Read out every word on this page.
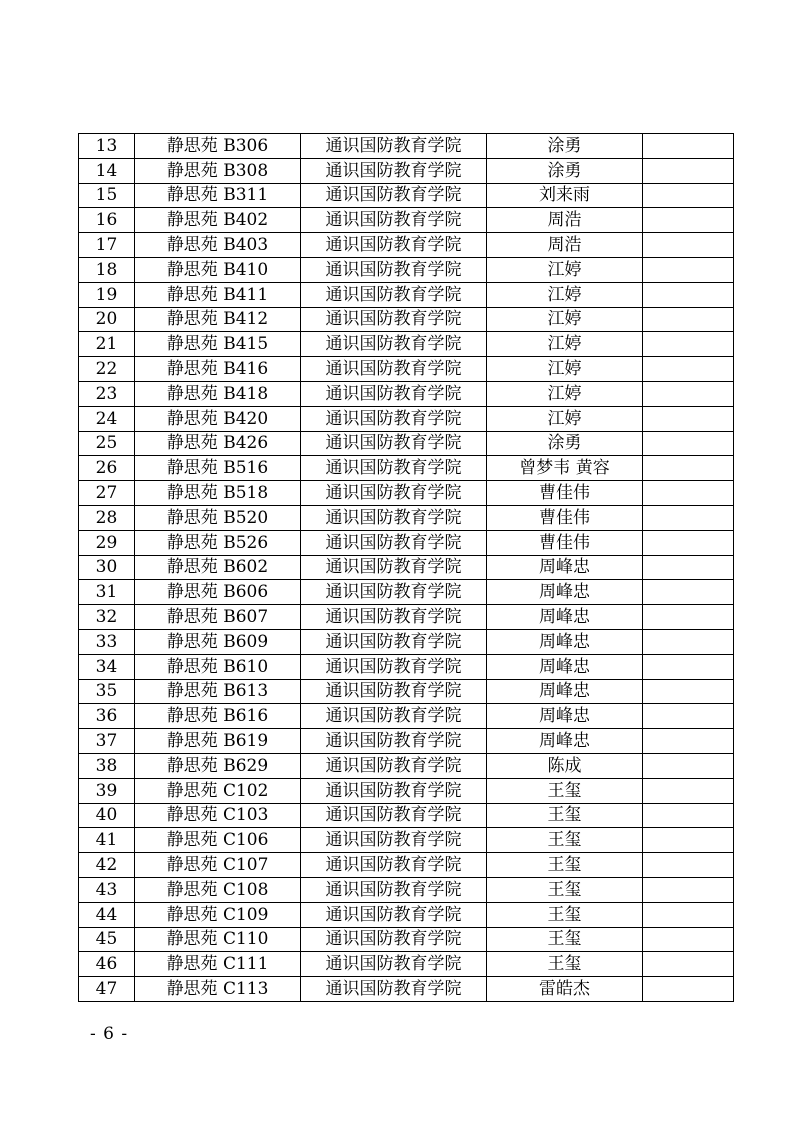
13	静思苑 B306	通识国防教育学院	涂勇	
14	静思苑 B308	通识国防教育学院	涂勇	
15	静思苑 B311	通识国防教育学院	刘来雨	
16	静思苑 B402	通识国防教育学院	周浩	
17	静思苑 B403	通识国防教育学院	周浩	
18	静思苑 B410	通识国防教育学院	江婷	
19	静思苑 B411	通识国防教育学院	江婷	
20	静思苑 B412	通识国防教育学院	江婷	
21	静思苑 B415	通识国防教育学院	江婷	
22	静思苑 B416	通识国防教育学院	江婷	
23	静思苑 B418	通识国防教育学院	江婷	
24	静思苑 B420	通识国防教育学院	江婷	
25	静思苑 B426	通识国防教育学院	涂勇	
26	静思苑 B516	通识国防教育学院	曾梦韦 黄容	
27	静思苑 B518	通识国防教育学院	曹佳伟	
28	静思苑 B520	通识国防教育学院	曹佳伟	
29	静思苑 B526	通识国防教育学院	曹佳伟	
30	静思苑 B602	通识国防教育学院	周峰忠	
31	静思苑 B606	通识国防教育学院	周峰忠	
32	静思苑 B607	通识国防教育学院	周峰忠	
33	静思苑 B609	通识国防教育学院	周峰忠	
34	静思苑 B610	通识国防教育学院	周峰忠	
35	静思苑 B613	通识国防教育学院	周峰忠	
36	静思苑 B616	通识国防教育学院	周峰忠	
37	静思苑 B619	通识国防教育学院	周峰忠	
38	静思苑 B629	通识国防教育学院	陈成	
39	静思苑 C102	通识国防教育学院	王玺	
40	静思苑 C103	通识国防教育学院	王玺	
41	静思苑 C106	通识国防教育学院	王玺	
42	静思苑 C107	通识国防教育学院	王玺	
43	静思苑 C108	通识国防教育学院	王玺	
44	静思苑 C109	通识国防教育学院	王玺	
45	静思苑 C110	通识国防教育学院	王玺	
46	静思苑 C111	通识国防教育学院	王玺	
47	静思苑 C113	通识国防教育学院	雷皓杰	
- 6 -
